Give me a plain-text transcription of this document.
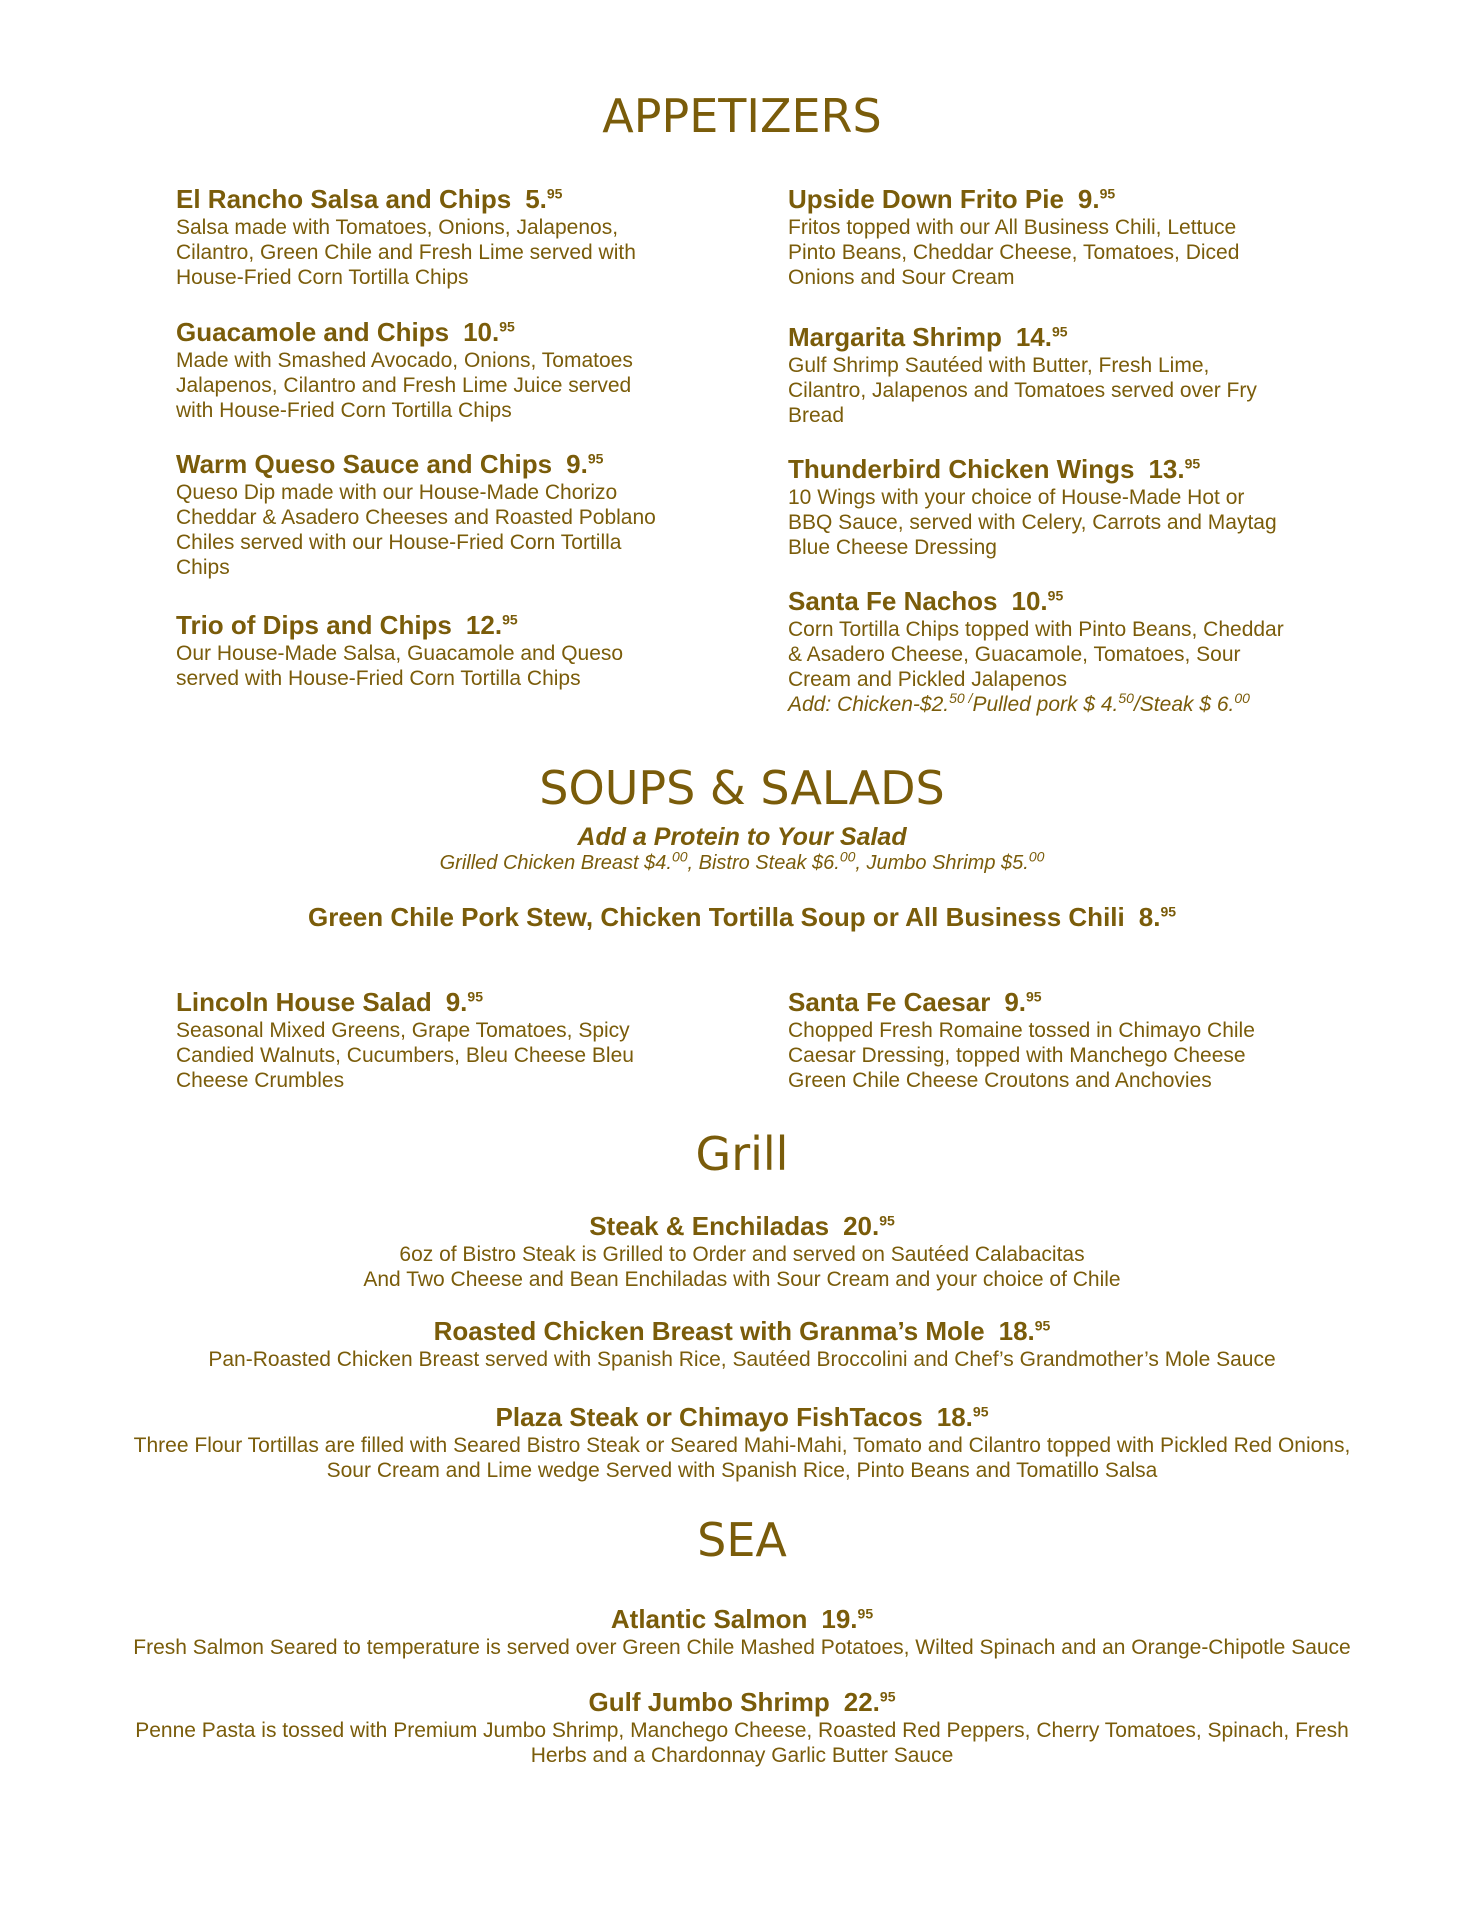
APPETIZERS
El Rancho Salsa and Chips 5.95
Salsa made with Tomatoes, Onions, Jalapenos,
Cilantro, Green Chile and Fresh Lime served with
House-Fried Corn Tortilla Chips
Guacamole and Chips 10.95
Made with Smashed Avocado, Onions, Tomatoes
Jalapenos, Cilantro and Fresh Lime Juice served
with House-Fried Corn Tortilla Chips
Warm Queso Sauce and Chips 9.95
Queso Dip made with our House-Made Chorizo
Cheddar & Asadero Cheeses and Roasted Poblano
Chiles served with our House-Fried Corn Tortilla
Chips
Trio of Dips and Chips 12.95
Our House-Made Salsa, Guacamole and Queso
served with House-Fried Corn Tortilla Chips
Upside Down Frito Pie 9.95
Fritos topped with our All Business Chili, Lettuce
Pinto Beans, Cheddar Cheese, Tomatoes, Diced
Onions and Sour Cream
Margarita Shrimp 14.95
Gulf Shrimp Sautéed with Butter, Fresh Lime,
Cilantro, Jalapenos and Tomatoes served over Fry
Bread
Thunderbird Chicken Wings 13.95
10 Wings with your choice of House-Made Hot or
BBQ Sauce, served with Celery, Carrots and Maytag
Blue Cheese Dressing
Santa Fe Nachos 10.95
Corn Tortilla Chips topped with Pinto Beans, Cheddar
& Asadero Cheese, Guacamole, Tomatoes, Sour
Cream and Pickled Jalapenos
Add: Chicken-$2.$^{50 /}$Pulled pork $ 4.50/Steak $ 6.00
SOUPS & SALADS
Add a Protein to Your Salad
Grilled Chicken Breast $4.00, Bistro Steak $6.00, Jumbo Shrimp $5.00
Green Chile Pork Stew, Chicken Tortilla Soup or All Business Chili 8.95
Lincoln House Salad 9.95
Seasonal Mixed Greens, Grape Tomatoes, Spicy
Candied Walnuts, Cucumbers, Bleu Cheese Bleu
Cheese Crumbles
Santa Fe Caesar 9.95
Chopped Fresh Romaine tossed in Chimayo Chile
Caesar Dressing, topped with Manchego Cheese
Green Chile Cheese Croutons and Anchovies
Grill
Steak & Enchiladas 20.95
6oz of Bistro Steak is Grilled to Order and served on Sautéed Calabacitas
And Two Cheese and Bean Enchiladas with Sour Cream and your choice of Chile
Roasted Chicken Breast with Granma’s Mole 18.95
Pan-Roasted Chicken Breast served with Spanish Rice, Sautéed Broccolini and Chef’s Grandmother’s Mole Sauce
Plaza Steak or Chimayo FishTacos 18.95
Three Flour Tortillas are filled with Seared Bistro Steak or Seared Mahi-Mahi, Tomato and Cilantro topped with Pickled Red Onions,
Sour Cream and Lime wedge Served with Spanish Rice, Pinto Beans and Tomatillo Salsa
SEA
Atlantic Salmon 19.95
Fresh Salmon Seared to temperature is served over Green Chile Mashed Potatoes, Wilted Spinach and an Orange-Chipotle Sauce
Gulf Jumbo Shrimp 22.95
Penne Pasta is tossed with Premium Jumbo Shrimp, Manchego Cheese, Roasted Red Peppers, Cherry Tomatoes, Spinach, Fresh
Herbs and a Chardonnay Garlic Butter Sauce
